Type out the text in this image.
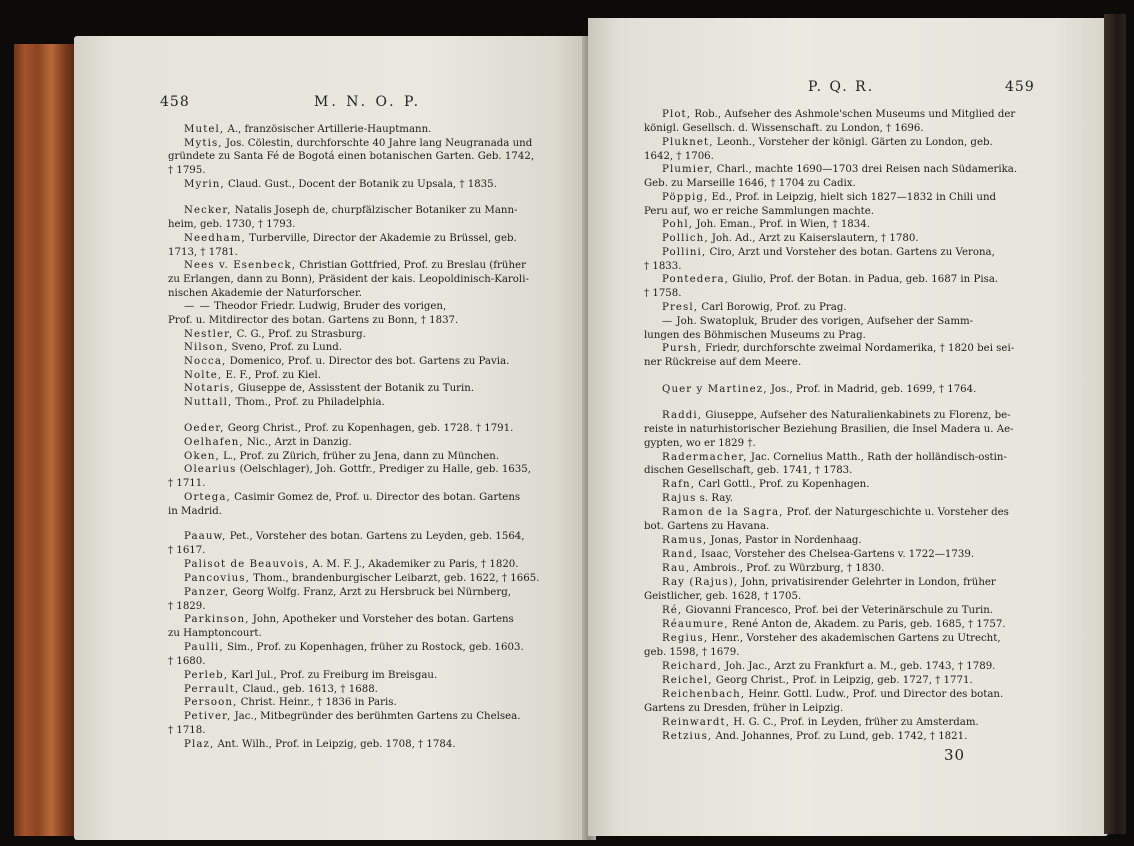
458	M. N. O. P.
P. Q. R.	459
30
Mutel, A., französischer Artillerie-Hauptmann.
Mytis, Jos. Cölestin, durchforschte 40 Jahre lang Neugranada und
gründete zu Santa Fé de Bogotá einen botanischen Garten. Geb. 1742,
† 1795.
Myrin, Claud. Gust., Docent der Botanik zu Upsala, † 1835.
Necker, Natalis Joseph de, churpfälzischer Botaniker zu Mann-
heim, geb. 1730, † 1793.
Needham, Turberville, Director der Akademie zu Brüssel, geb.
1713, † 1781.
Nees v. Esenbeck, Christian Gottfried, Prof. zu Breslau (früher
zu Erlangen, dann zu Bonn), Präsident der kais. Leopoldinisch-Karoli-
nischen Akademie der Naturforscher.
— — Theodor Friedr. Ludwig, Bruder des vorigen,
Prof. u. Mitdirector des botan. Gartens zu Bonn, † 1837.
Nestler, C. G., Prof. zu Strasburg.
Nilson, Sveno, Prof. zu Lund.
Nocca, Domenico, Prof. u. Director des bot. Gartens zu Pavia.
Nolte, E. F., Prof. zu Kiel.
Notaris, Giuseppe de, Assisstent der Botanik zu Turin.
Nuttall, Thom., Prof. zu Philadelphia.
Oeder, Georg Christ., Prof. zu Kopenhagen, geb. 1728. † 1791.
Oelhafen, Nic., Arzt in Danzig.
Oken, L., Prof. zu Zürich, früher zu Jena, dann zu München.
Olearius (Oelschlager), Joh. Gottfr., Prediger zu Halle, geb. 1635,
† 1711.
Ortega, Casimir Gomez de, Prof. u. Director des botan. Gartens
in Madrid.
Paauw, Pet., Vorsteher des botan. Gartens zu Leyden, geb. 1564,
† 1617.
Palisot de Beauvois, A. M. F. J., Akademiker zu Paris, † 1820.
Pancovius, Thom., brandenburgischer Leibarzt, geb. 1622, † 1665.
Panzer, Georg Wolfg. Franz, Arzt zu Hersbruck bei Nürnberg,
† 1829.
Parkinson, John, Apotheker und Vorsteher des botan. Gartens
zu Hamptoncourt.
Paulli, Sim., Prof. zu Kopenhagen, früher zu Rostock, geb. 1603.
† 1680.
Perleb, Karl Jul., Prof. zu Freiburg im Breisgau.
Perrault, Claud., geb. 1613, † 1688.
Persoon, Christ. Heinr., † 1836 in Paris.
Petiver, Jac., Mitbegründer des berühmten Gartens zu Chelsea.
† 1718.
Plaz, Ant. Wilh., Prof. in Leipzig, geb. 1708, † 1784.
Plot, Rob., Aufseher des Ashmole'schen Museums und Mitglied der
königl. Gesellsch. d. Wissenschaft. zu London, † 1696.
Pluknet, Leonh., Vorsteher der königl. Gärten zu London, geb.
1642, † 1706.
Plumier, Charl., machte 1690—1703 drei Reisen nach Südamerika.
Geb. zu Marseille 1646, † 1704 zu Cadix.
Pöppig, Ed., Prof. in Leipzig, hielt sich 1827—1832 in Chili und
Peru auf, wo er reiche Sammlungen machte.
Pohl, Joh. Eman., Prof. in Wien, † 1834.
Pollich, Joh. Ad., Arzt zu Kaiserslautern, † 1780.
Pollini, Ciro, Arzt und Vorsteher des botan. Gartens zu Verona,
† 1833.
Pontedera, Giulio, Prof. der Botan. in Padua, geb. 1687 in Pisa.
† 1758.
Presl, Carl Borowig, Prof. zu Prag.
— Joh. Swatopluk, Bruder des vorigen, Aufseher der Samm-
lungen des Böhmischen Museums zu Prag.
Pursh, Friedr, durchforschte zweimal Nordamerika, † 1820 bei sei-
ner Rückreise auf dem Meere.
Quer y Martinez, Jos., Prof. in Madrid, geb. 1699, † 1764.
Raddi, Giuseppe, Aufseher des Naturalienkabinets zu Florenz, be-
reiste in naturhistorischer Beziehung Brasilien, die Insel Madera u. Ae-
gypten, wo er 1829 †.
Radermacher, Jac. Cornelius Matth., Rath der holländisch-ostin-
dischen Gesellschaft, geb. 1741, † 1783.
Rafn, Carl Gottl., Prof. zu Kopenhagen.
Rajus s. Ray.
Ramon de la Sagra, Prof. der Naturgeschichte u. Vorsteher des
bot. Gartens zu Havana.
Ramus, Jonas, Pastor in Nordenhaag.
Rand, Isaac, Vorsteher des Chelsea-Gartens v. 1722—1739.
Rau, Ambrois., Prof. zu Würzburg, † 1830.
Ray (Rajus), John, privatisirender Gelehrter in London, früher
Geistlicher, geb. 1628, † 1705.
Ré, Giovanni Francesco, Prof. bei der Veterinärschule zu Turin.
Réaumure, René Anton de, Akadem. zu Paris, geb. 1685, † 1757.
Regius, Henr., Vorsteher des akademischen Gartens zu Utrecht,
geb. 1598, † 1679.
Reichard, Joh. Jac., Arzt zu Frankfurt a. M., geb. 1743, † 1789.
Reichel, Georg Christ., Prof. in Leipzig, geb. 1727, † 1771.
Reichenbach, Heinr. Gottl. Ludw., Prof. und Director des botan.
Gartens zu Dresden, früher in Leipzig.
Reinwardt, H. G. C., Prof. in Leyden, früher zu Amsterdam.
Retzius, And. Johannes, Prof. zu Lund, geb. 1742, † 1821.
